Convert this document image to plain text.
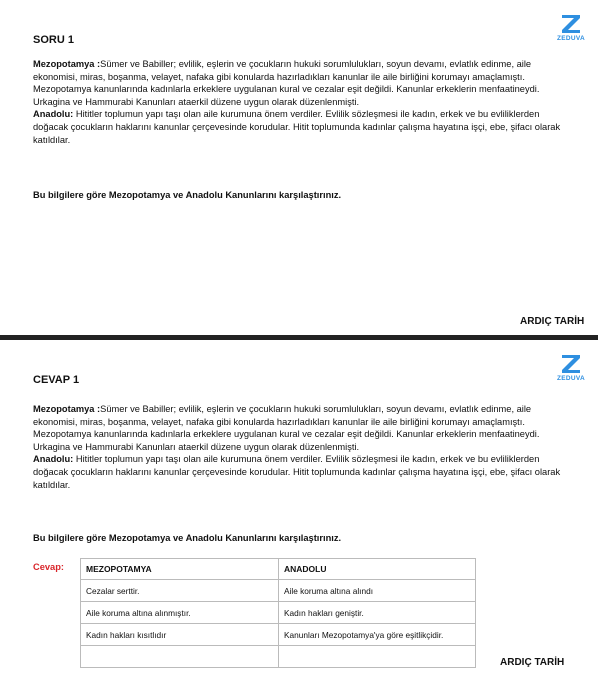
SORU 1	ZEDUVA

Mezopotamya :Sümer ve Babiller; evlilik, eşlerin ve çocukların hukuki sorumlulukları, soyun devamı, evlatlık edinme, aile ekonomisi, miras, boşanma, velayet, nafaka gibi konularda hazırladıkları kanunlar ile aile birliğini korumayı amaçlamıştı.

Mezopotamya kanunlarında kadınlarla erkeklere uygulanan kural ve cezalar eşit değildi. Kanunlar erkeklerin menfaatineydi. Urkagina ve Hammurabi Kanunları ataerkil düzene uygun olarak düzenlenmişti.

Anadolu: Hititler toplumun yapı taşı olan aile kurumuna önem verdiler. Evlilik sözleşmesi ile kadın, erkek ve bu evliliklerden doğacak çocukların haklarını kanunlar çerçevesinde korudular. Hitit toplumunda kadınlar çalışma hayatına işçi, ebe, şifacı olarak katıldılar.

Bu bilgilere göre Mezopotamya ve Anadolu Kanunlarını karşılaştırınız.
ARDIÇ TARİH
CEVAP 1	ZEDUVA

Mezopotamya :Sümer ve Babiller; evlilik, eşlerin ve çocukların hukuki sorumlulukları, soyun devamı, evlatlık edinme, aile ekonomisi, miras, boşanma, velayet, nafaka gibi konularda hazırladıkları kanunlar ile aile birliğini korumayı amaçlamıştı.

Mezopotamya kanunlarında kadınlarla erkeklere uygulanan kural ve cezalar eşit değildi. Kanunlar erkeklerin menfaatineydi. Urkagina ve Hammurabi Kanunları ataerkil düzene uygun olarak düzenlenmişti.

Anadolu: Hititler toplumun yapı taşı olan aile kurumuna önem verdiler. Evlilik sözleşmesi ile kadın, erkek ve bu evliliklerden doğacak çocukların haklarını kanunlar çerçevesinde korudular. Hitit toplumunda kadınlar çalışma hayatına işçi, ebe, şifacı olarak katıldılar.

Bu bilgilere göre Mezopotamya ve Anadolu Kanunlarını karşılaştırınız.
Cevap:	MEZOPOTAMYA	ANADOLU
Cezalar serttir.	Aile koruma altına alındı
Aile koruma altına alınmıştır.	Kadın hakları geniştir.
Kadın hakları kısıtlıdır	Kanunları Mezopotamya'ya göre eşitlikçidir.

ARDIÇ TARİH
